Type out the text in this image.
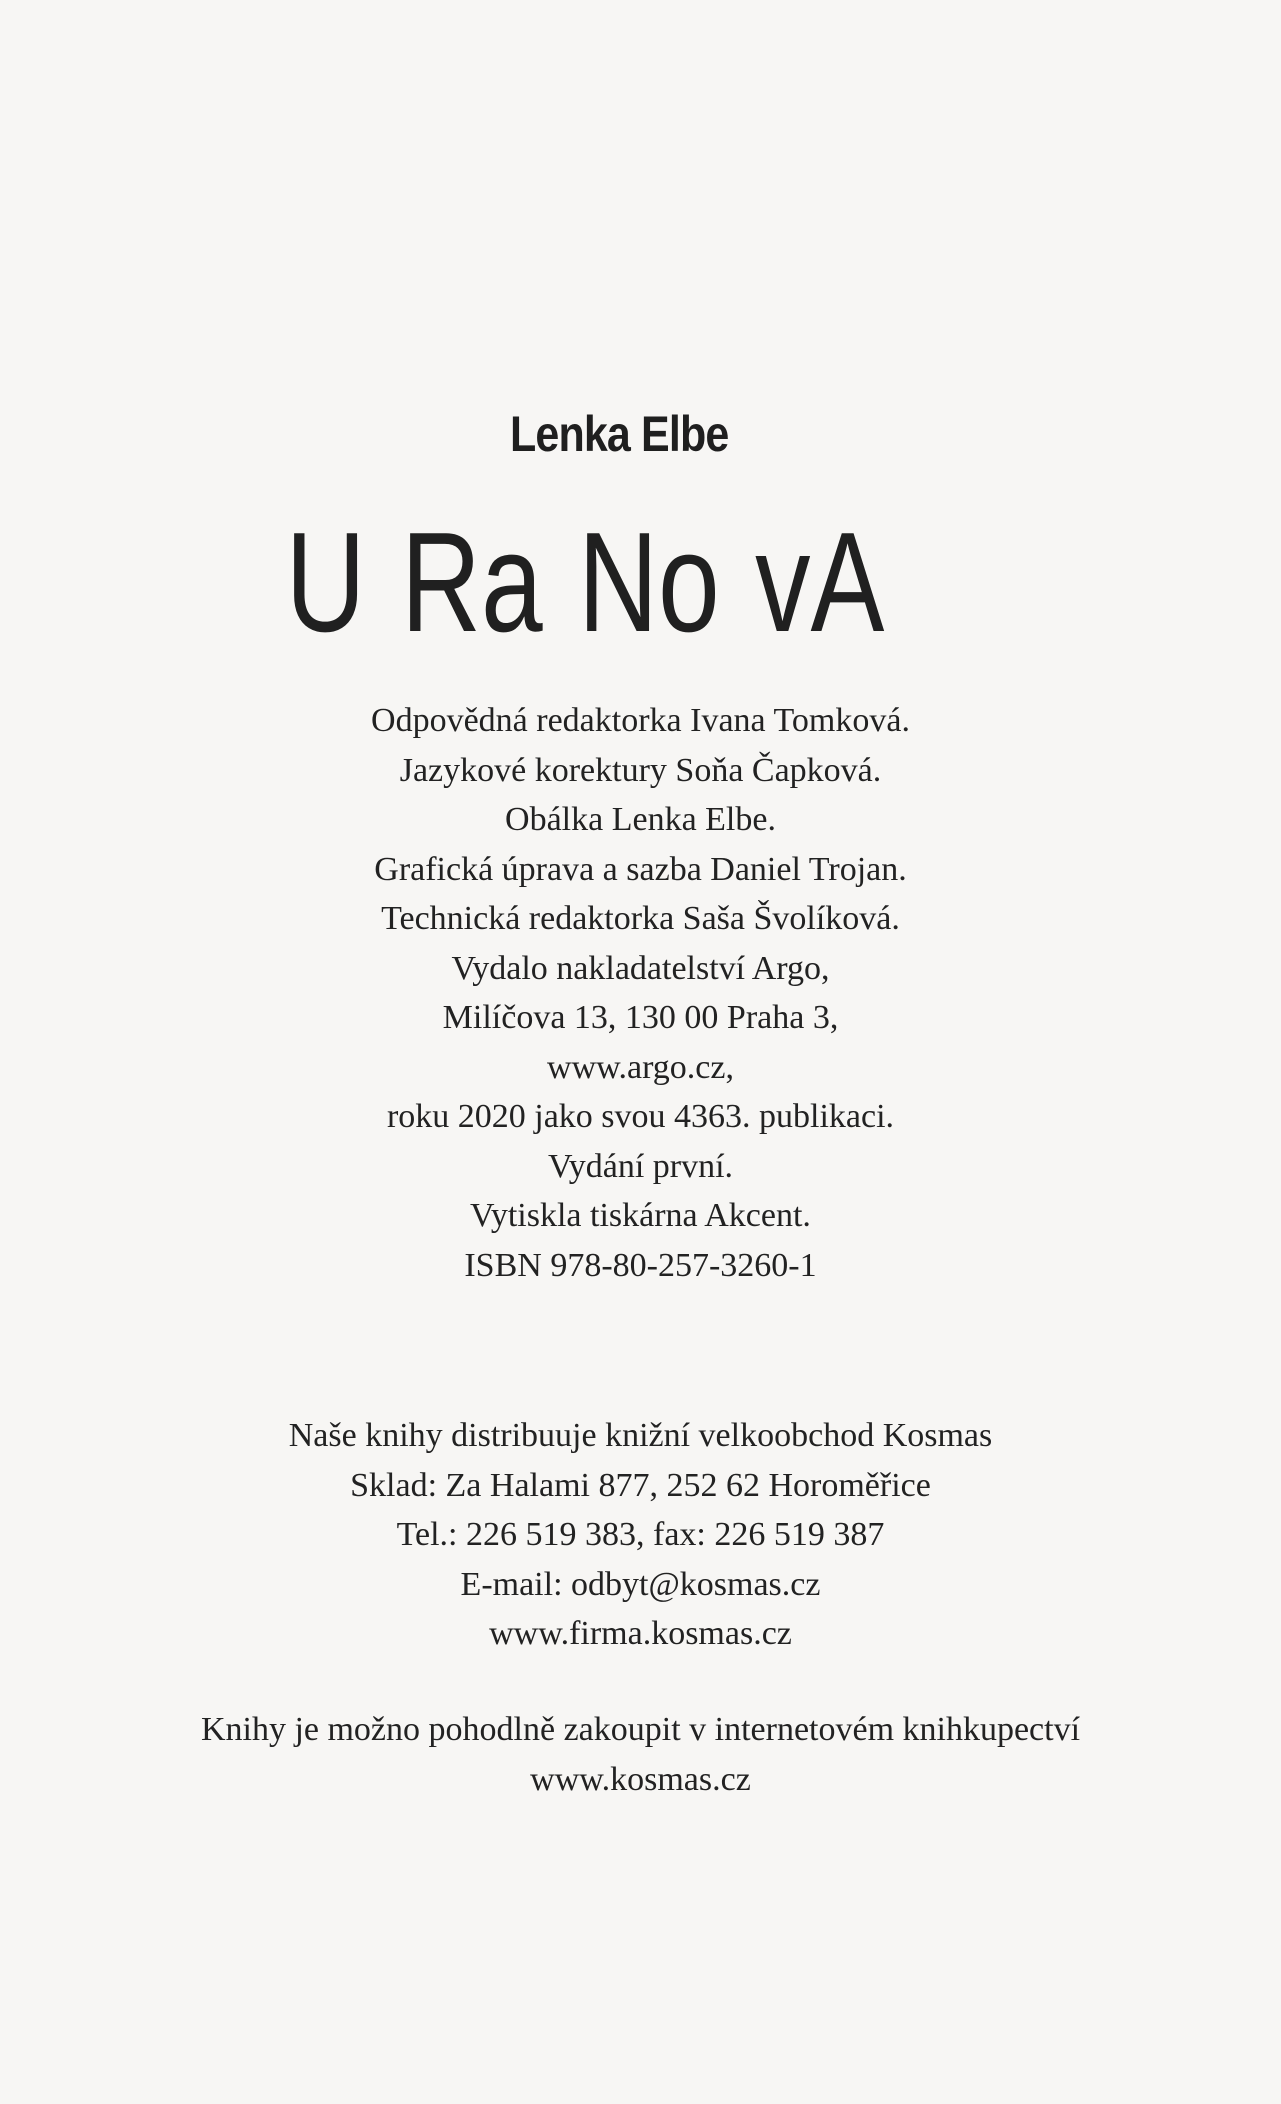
Lenka Elbe
U Ra No vA
Odpovědná redaktorka Ivana Tomková.
Jazykové korektury Soňa Čapková.
Obálka Lenka Elbe.
Grafická úprava a sazba Daniel Trojan.
Technická redaktorka Saša Švolíková.
Vydalo nakladatelství Argo,
Milíčova 13, 130 00 Praha 3,
www.argo.cz,
roku 2020 jako svou 4363. publikaci.
Vydání první.
Vytiskla tiskárna Akcent.
ISBN 978-80-257-3260-1
Naše knihy distribuuje knižní velkoobchod Kosmas
Sklad: Za Halami 877, 252 62 Horoměřice
Tel.: 226 519 383, fax: 226 519 387
E-mail: odbyt@kosmas.cz
www.firma.kosmas.cz
Knihy je možno pohodlně zakoupit v internetovém knihkupectví
www.kosmas.cz
